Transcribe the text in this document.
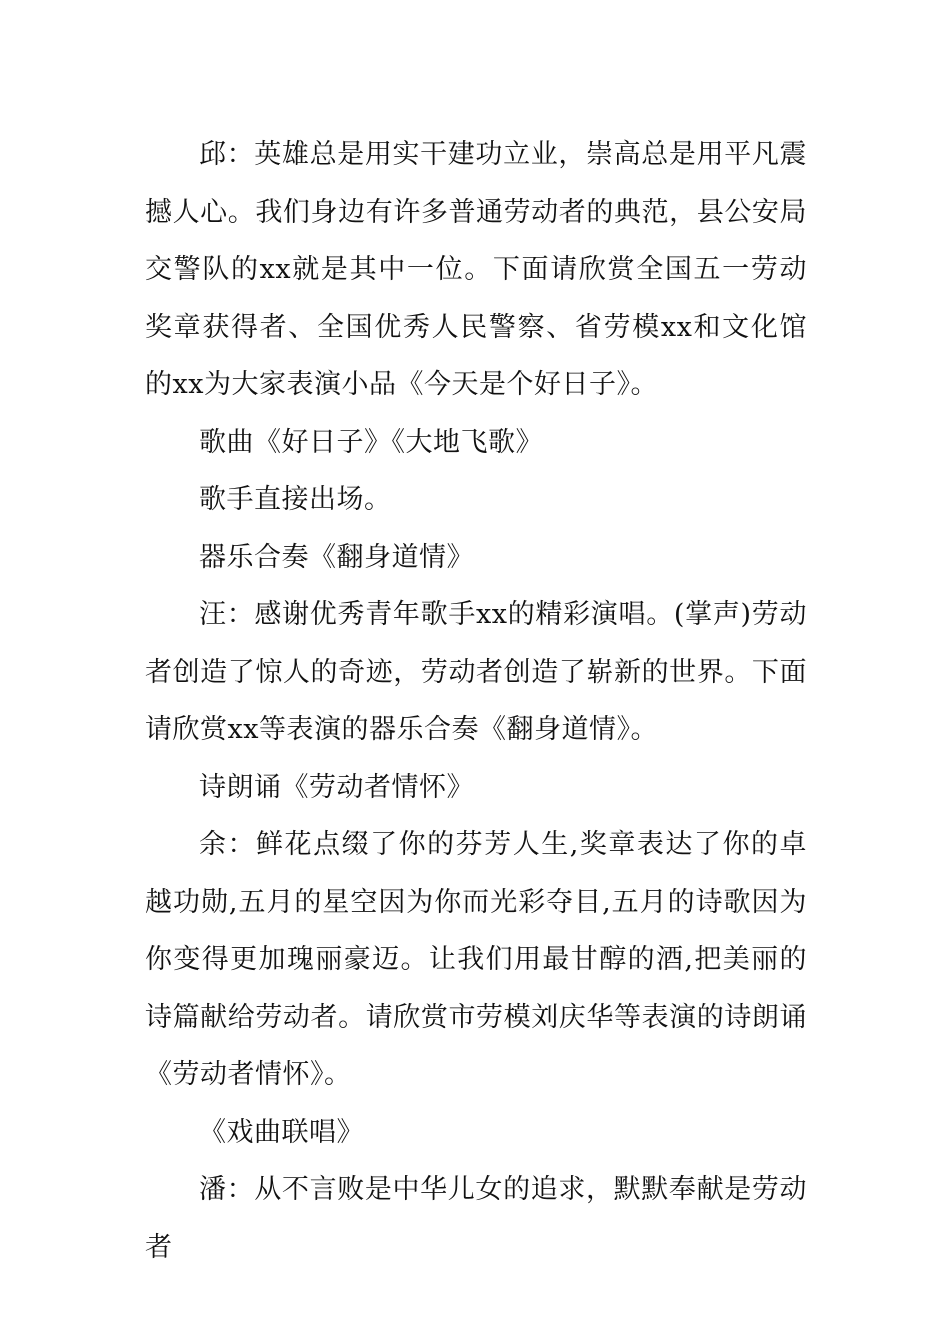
邱：英雄总是用实干建功立业，崇高总是用平凡震撼人心。我们身边有许多普通劳动者的典范，县公安局交警队的xx就是其中一位。下面请欣赏全国五一劳动奖章获得者、全国优秀人民警察、省劳模xx和文化馆的xx为大家表演小品《今天是个好日子》。

歌曲《好日子》《大地飞歌》

歌手直接出场。

器乐合奏《翻身道情》

汪：感谢优秀青年歌手xx的精彩演唱。(掌声)劳动者创造了惊人的奇迹，劳动者创造了崭新的世界。下面请欣赏xx等表演的器乐合奏《翻身道情》。

诗朗诵《劳动者情怀》

余：鲜花点缀了你的芬芳人生,奖章表达了你的卓越功勋,五月的星空因为你而光彩夺目,五月的诗歌因为你变得更加瑰丽豪迈。让我们用最甘醇的酒,把美丽的诗篇献给劳动者。请欣赏市劳模刘庆华等表演的诗朗诵《劳动者情怀》。

《戏曲联唱》

潘：从不言败是中华儿女的追求，默默奉献是劳动者
